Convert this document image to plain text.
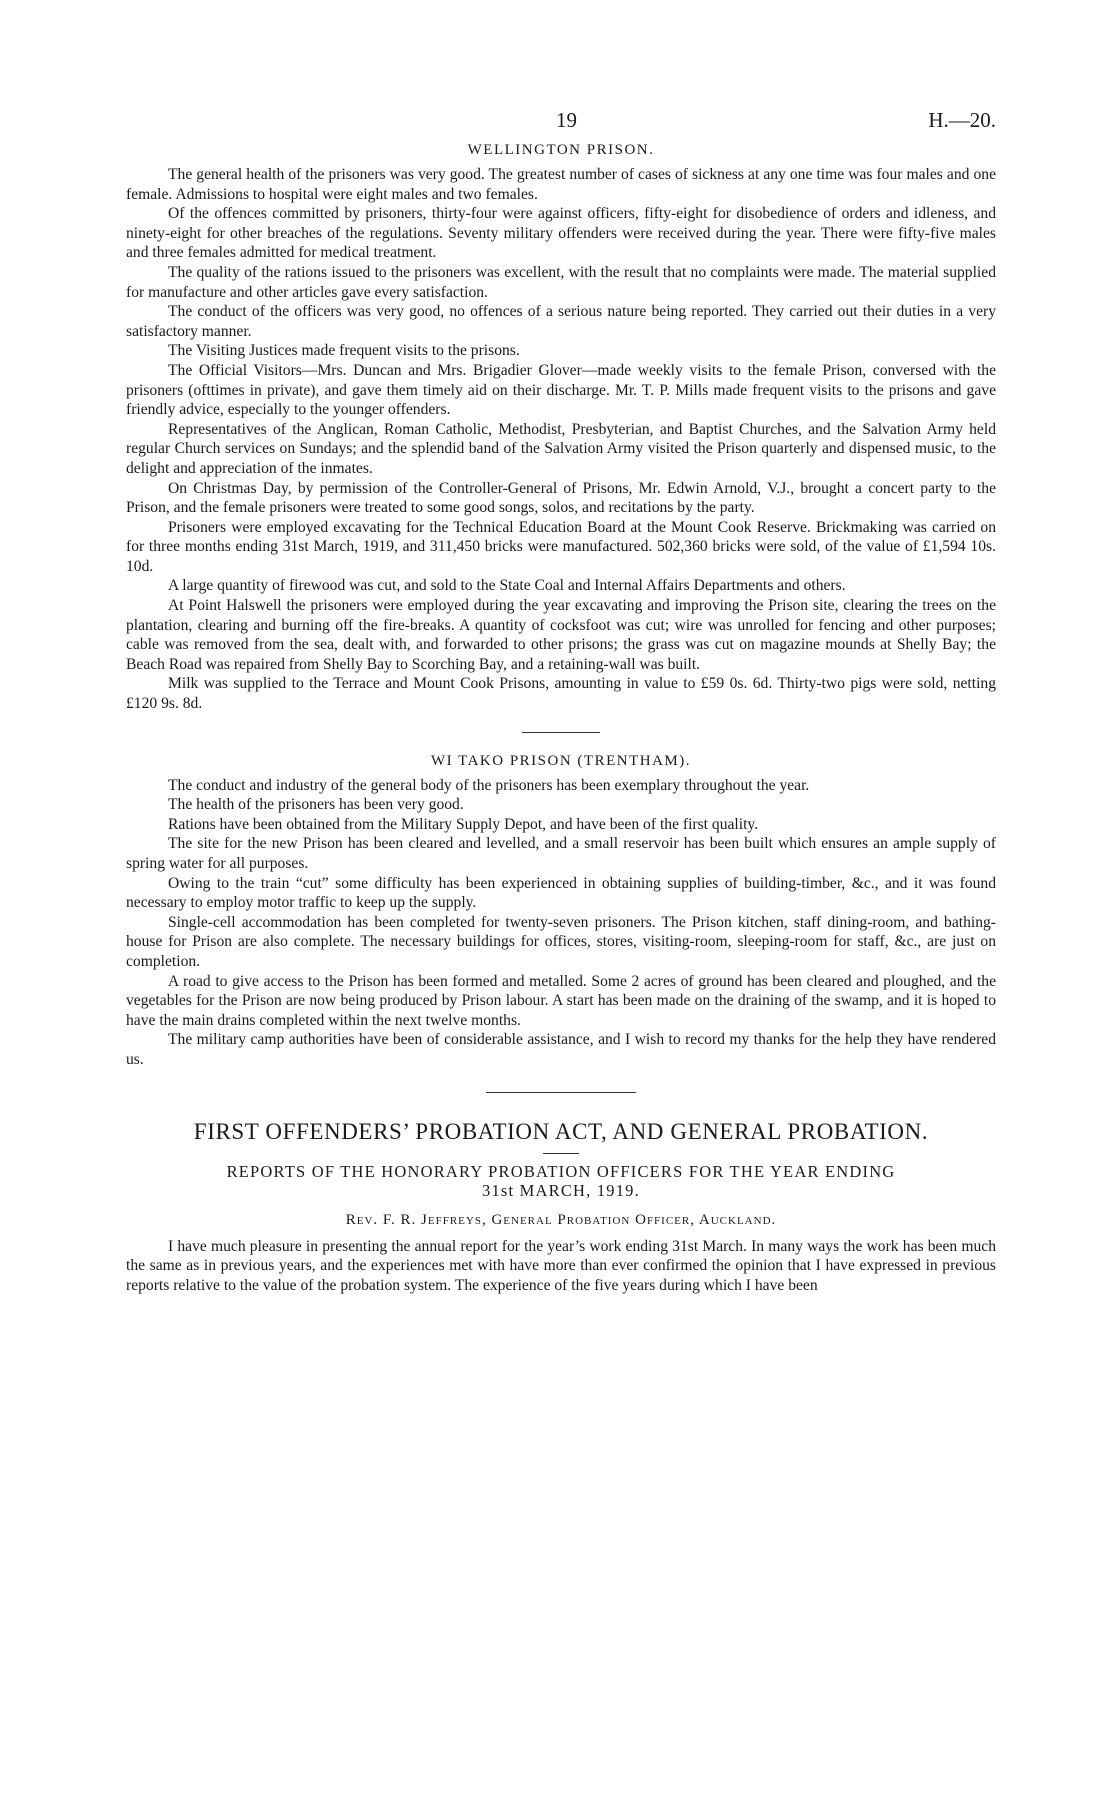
19	H.—20.
WELLINGTON PRISON.

The general health of the prisoners was very good. The greatest number of cases of sickness at any one time was four males and one female. Admissions to hospital were eight males and two females.

Of the offences committed by prisoners, thirty-four were against officers, fifty-eight for disobedience of orders and idleness, and ninety-eight for other breaches of the regulations. Seventy military offenders were received during the year. There were fifty-five males and three females admitted for medical treatment.

The quality of the rations issued to the prisoners was excellent, with the result that no complaints were made. The material supplied for manufacture and other articles gave every satisfaction.

The conduct of the officers was very good, no offences of a serious nature being reported. They carried out their duties in a very satisfactory manner.

The Visiting Justices made frequent visits to the prisons.

The Official Visitors—Mrs. Duncan and Mrs. Brigadier Glover—made weekly visits to the female Prison, conversed with the prisoners (ofttimes in private), and gave them timely aid on their discharge. Mr. T. P. Mills made frequent visits to the prisons and gave friendly advice, especially to the younger offenders.

Representatives of the Anglican, Roman Catholic, Methodist, Presbyterian, and Baptist Churches, and the Salvation Army held regular Church services on Sundays; and the splendid band of the Salvation Army visited the Prison quarterly and dispensed music, to the delight and appreciation of the inmates.

On Christmas Day, by permission of the Controller-General of Prisons, Mr. Edwin Arnold, V.J., brought a concert party to the Prison, and the female prisoners were treated to some good songs, solos, and recitations by the party.

Prisoners were employed excavating for the Technical Education Board at the Mount Cook Reserve. Brickmaking was carried on for three months ending 31st March, 1919, and 311,450 bricks were manufactured. 502,360 bricks were sold, of the value of £1,594 10s. 10d.

A large quantity of firewood was cut, and sold to the State Coal and Internal Affairs Departments and others.

At Point Halswell the prisoners were employed during the year excavating and improving the Prison site, clearing the trees on the plantation, clearing and burning off the fire-breaks. A quantity of cocksfoot was cut; wire was unrolled for fencing and other purposes; cable was removed from the sea, dealt with, and forwarded to other prisons; the grass was cut on magazine mounds at Shelly Bay; the Beach Road was repaired from Shelly Bay to Scorching Bay, and a retaining-wall was built.

Milk was supplied to the Terrace and Mount Cook Prisons, amounting in value to £59 0s. 6d. Thirty-two pigs were sold, netting £120 9s. 8d.

WI TAKO PRISON (TRENTHAM).

The conduct and industry of the general body of the prisoners has been exemplary throughout the year.

The health of the prisoners has been very good.

Rations have been obtained from the Military Supply Depot, and have been of the first quality.

The site for the new Prison has been cleared and levelled, and a small reservoir has been built which ensures an ample supply of spring water for all purposes.

Owing to the train “cut” some difficulty has been experienced in obtaining supplies of building-timber, &c., and it was found necessary to employ motor traffic to keep up the supply.

Single-cell accommodation has been completed for twenty-seven prisoners. The Prison kitchen, staff dining-room, and bathing-house for Prison are also complete. The necessary buildings for offices, stores, visiting-room, sleeping-room for staff, &c., are just on completion.

A road to give access to the Prison has been formed and metalled. Some 2 acres of ground has been cleared and ploughed, and the vegetables for the Prison are now being produced by Prison labour. A start has been made on the draining of the swamp, and it is hoped to have the main drains completed within the next twelve months.

The military camp authorities have been of considerable assistance, and I wish to record my thanks for the help they have rendered us.

FIRST OFFENDERS’ PROBATION ACT, AND GENERAL PROBATION.
REPORTS OF THE HONORARY PROBATION OFFICERS FOR THE YEAR ENDING
31st MARCH, 1919.
Rev. F. R. Jeffreys, General Probation Officer, Auckland.

I have much pleasure in presenting the annual report for the year’s work ending 31st March. In many ways the work has been much the same as in previous years, and the experiences met with have more than ever confirmed the opinion that I have expressed in previous reports relative to the value of the probation system. The experience of the five years during which I have been
